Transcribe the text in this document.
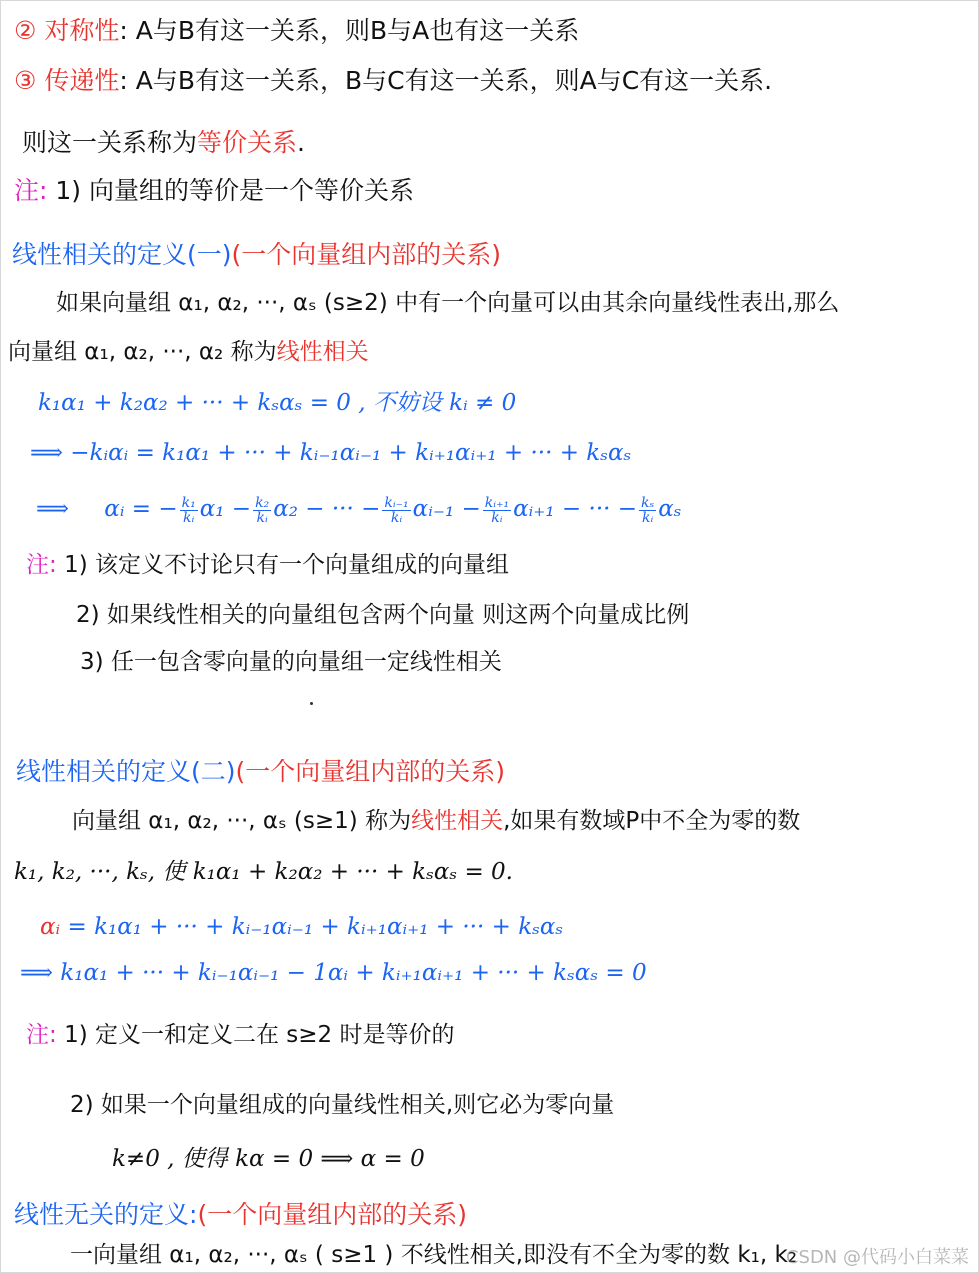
② 对称性: A与B有这一关系，则B与A也有这一关系
③ 传递性: A与B有这一关系，B与C有这一关系，则A与C有这一关系.
则这一关系称为等价关系.
注: 1) 向量组的等价是一个等价关系
线性相关的定义(一)(一个向量组内部的关系)
如果向量组 α₁, α₂, ···, αₛ (s≥2) 中有一个向量可以由其余向量线性表出,那么
向量组 α₁, α₂, ···, α₂ 称为线性相关
k₁α₁ + k₂α₂ + ··· + kₛαₛ = 0 , 不妨设 kᵢ ≠ 0
⟹ −kᵢαᵢ = k₁α₁ + ··· + kᵢ₋₁αᵢ₋₁ + kᵢ₊₁αᵢ₊₁ + ··· + kₛαₛ
⟹ αᵢ = − $\frac{\text{k₁}}{\text{kᵢ}} \alpha_1 - \frac{\text{k₂}}{\text{kᵢ}} \alpha_2$ − ··· − $\frac{\text{kᵢ₋₁}}{\text{kᵢ}}$ αᵢ₋₁ − $\frac{\text{kᵢ₊₁}}{\text{kᵢ}}$ αᵢ₊₁ − ··· − $\frac{\text{kₛ}}{\text{kᵢ}}$ αₛ
注: 1) 该定义不讨论只有一个向量组成的向量组
2) 如果线性相关的向量组包含两个向量 则这两个向量成比例
3) 任一包含零向量的向量组一定线性相关
线性相关的定义(二)(一个向量组内部的关系)
向量组 α₁, α₂, ···, αₛ (s≥1) 称为线性相关,如果有数域P中不全为零的数
k₁, k₂, ···, kₛ, 使 k₁α₁ + k₂α₂ + ··· + kₛαₛ = 0.
αᵢ = k₁α₁ + ··· + kᵢ₋₁αᵢ₋₁ + kᵢ₊₁αᵢ₊₁ + ··· + kₛαₛ
⟹ k₁α₁ + ··· + kᵢ₋₁αᵢ₋₁ − 1αᵢ + kᵢ₊₁αᵢ₊₁ + ··· + kₛαₛ = 0
注: 1) 定义一和定义二在 s≥2 时是等价的
2) 如果一个向量组成的向量线性相关,则它必为零向量
k≠0 , 使得 kα = 0 ⟹ α = 0
线性无关的定义:(一个向量组内部的关系)
一向量组 α₁, α₂, ···, αₛ ( s≥1 ) 不线性相关,即没有不全为零的数 k₁, k₂
CSDN @代码小白菜菜
